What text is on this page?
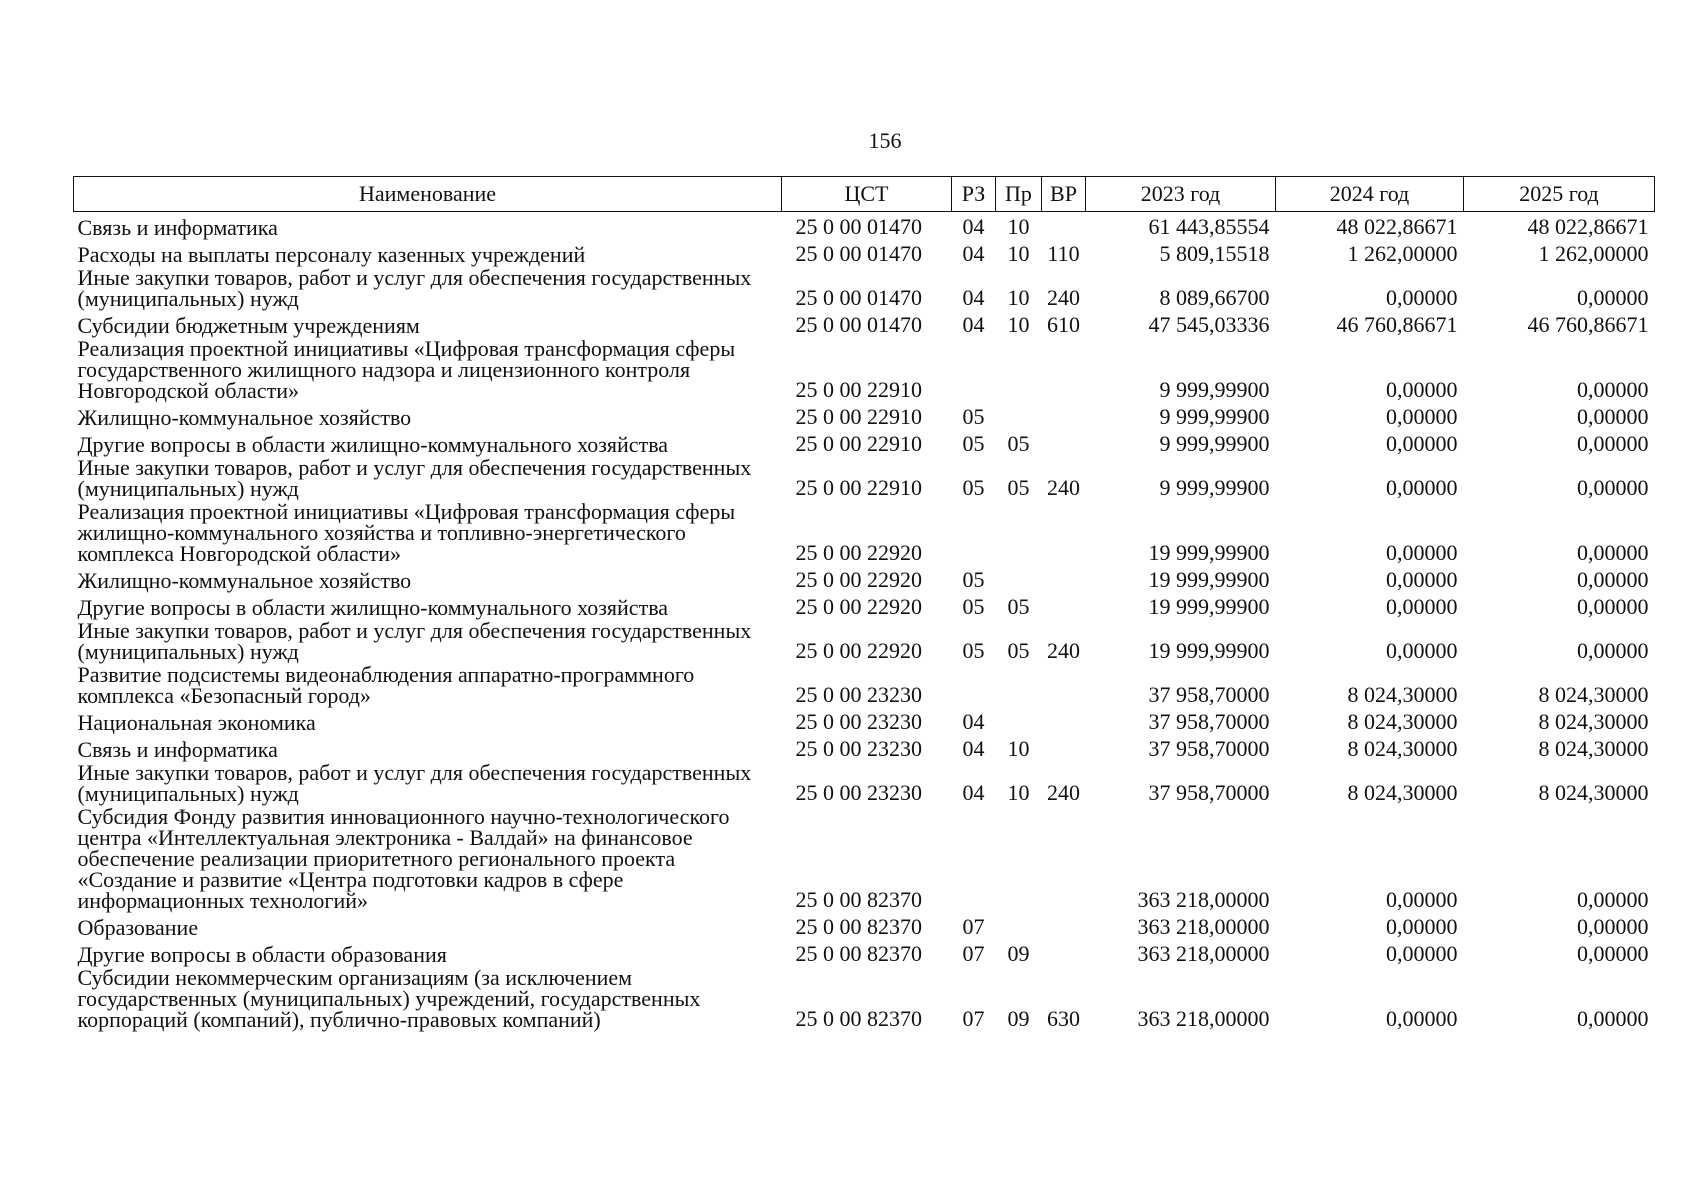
156
Наименование	ЦСТ	РЗ	Пр	ВР	2023 год	2024 год	2025 год
Связь и информатика	25 0 00 01470	04	10		61 443,85554	48 022,86671	48 022,86671
Расходы на выплаты персоналу казенных учреждений	25 0 00 01470	04	10	110	5 809,15518	1 262,00000	1 262,00000
Иные закупки товаров, работ и услуг для обеспечения государственных (муниципальных) нужд	25 0 00 01470	04	10	240	8 089,66700	0,00000	0,00000
Субсидии бюджетным учреждениям	25 0 00 01470	04	10	610	47 545,03336	46 760,86671	46 760,86671
Реализация проектной инициативы «Цифровая трансформация сферы государственного жилищного надзора и лицензионного контроля Новгородской области»	25 0 00 22910				9 999,99900	0,00000	0,00000
Жилищно-коммунальное хозяйство	25 0 00 22910	05			9 999,99900	0,00000	0,00000
Другие вопросы в области жилищно-коммунального хозяйства	25 0 00 22910	05	05		9 999,99900	0,00000	0,00000
Иные закупки товаров, работ и услуг для обеспечения государственных (муниципальных) нужд	25 0 00 22910	05	05	240	9 999,99900	0,00000	0,00000
Реализация проектной инициативы «Цифровая трансформация сферы жилищно-коммунального хозяйства и топливно-энергетического комплекса Новгородской области»	25 0 00 22920				19 999,99900	0,00000	0,00000
Жилищно-коммунальное хозяйство	25 0 00 22920	05			19 999,99900	0,00000	0,00000
Другие вопросы в области жилищно-коммунального хозяйства	25 0 00 22920	05	05		19 999,99900	0,00000	0,00000
Иные закупки товаров, работ и услуг для обеспечения государственных (муниципальных) нужд	25 0 00 22920	05	05	240	19 999,99900	0,00000	0,00000
Развитие подсистемы видеонаблюдения аппаратно-программного комплекса «Безопасный город»	25 0 00 23230				37 958,70000	8 024,30000	8 024,30000
Национальная экономика	25 0 00 23230	04			37 958,70000	8 024,30000	8 024,30000
Связь и информатика	25 0 00 23230	04	10		37 958,70000	8 024,30000	8 024,30000
Иные закупки товаров, работ и услуг для обеспечения государственных (муниципальных) нужд	25 0 00 23230	04	10	240	37 958,70000	8 024,30000	8 024,30000
Субсидия Фонду развития инновационного научно-технологического центра «Интеллектуальная электроника - Валдай» на финансовое обеспечение реализации приоритетного регионального проекта «Создание и развитие «Центра подготовки кадров в сфере информационных технологий»	25 0 00 82370				363 218,00000	0,00000	0,00000
Образование	25 0 00 82370	07			363 218,00000	0,00000	0,00000
Другие вопросы в области образования	25 0 00 82370	07	09		363 218,00000	0,00000	0,00000
Субсидии некоммерческим организациям (за исключением государственных (муниципальных) учреждений, государственных корпораций (компаний), публично-правовых компаний)	25 0 00 82370	07	09	630	363 218,00000	0,00000	0,00000
